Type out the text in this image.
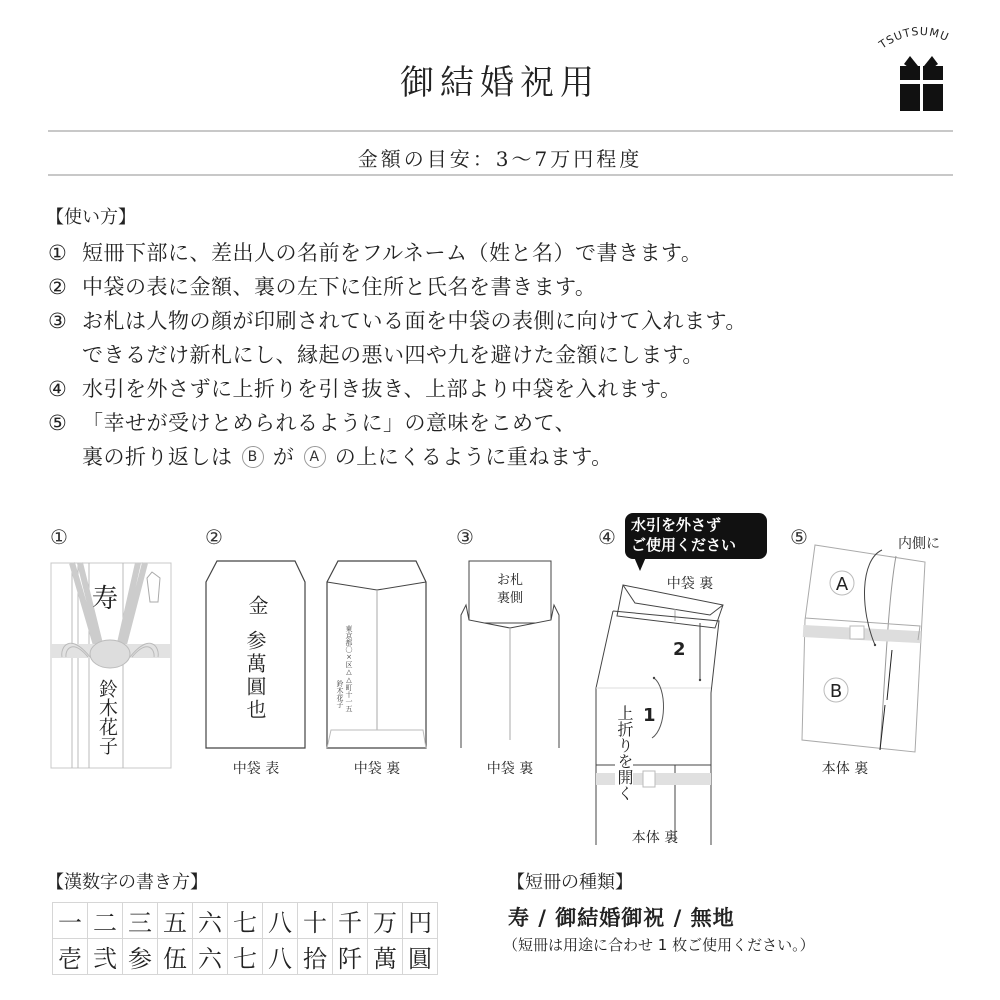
御結婚祝用
TSUTSUMU
金額の目安：3〜7万円程度
【使い方】
① 短冊下部に、差出人の名前をフルネーム（姓と名）で書きます。
② 中袋の表に金額、裏の左下に住所と氏名を書きます。
③ お札は人物の顔が印刷されている面を中袋の表側に向けて入れます。
できるだけ新札にし、縁起の悪い四や九を避けた金額にします。
④ 水引を外さずに上折りを引き抜き、上部より中袋を入れます。
⑤ 「幸せが受けとめられるように」の意味をこめて、
裏の折り返しは B が A の上にくるように重ねます。
①
寿
鈴木花子
②
金
参萬圓也
中袋 表
東京都〇×区△△町十一五
鈴木花子
中袋 裏
③
お札
裏側
中袋 裏
④ 水引を外さず
ご使用ください
中袋 裏
2
1
上折りを開く
本体 裏
⑤	内側に
A
B
本体 裏
【漢数字の書き方】
一	二	三	五	六	七	八	十	千	万	円
壱	弐	参	伍	六	七	八	拾	阡	萬	圓
【短冊の種類】
寿 / 御結婚御祝 / 無地
（短冊は用途に合わせ 1 枚ご使用ください。）
